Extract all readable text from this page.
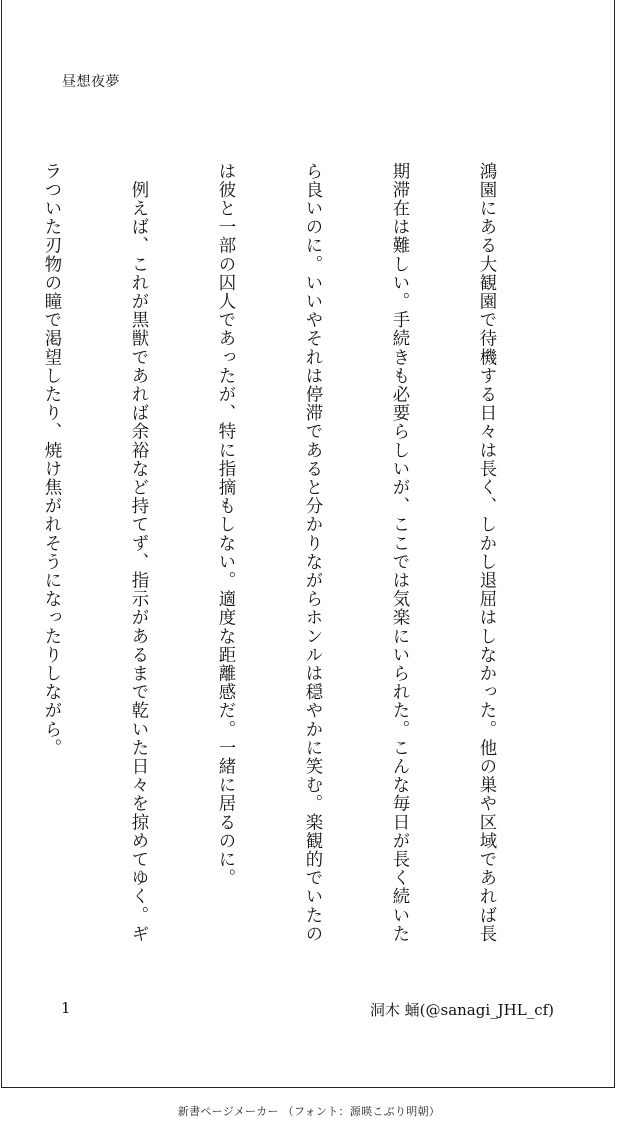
昼想夜夢

鴻園にある大観園で待機する日々は長く、しかし退屈はしなかった。他の巣や区域であれば長

期滞在は難しい。手続きも必要らしいが、ここでは気楽にいられた。こんな毎日が長く続いた

ら良いのに。いいやそれは停滞であると分かりながらホンルは穏やかに笑む。楽観的でいたの

は彼と一部の囚人であったが、特に指摘もしない。適度な距離感だ。一緒に居るのに。

　例えば、これが黒獣であれば余裕など持てず、指示があるまで乾いた日々を掠めてゆく。ギ

ラついた刃物の瞳で渇望したり、焼け焦がれそうになったりしながら。

1	洞木 蛹(@sanagi_JHL_cf)
新書ページメーカー （フォント：源暎こぶり明朝）
